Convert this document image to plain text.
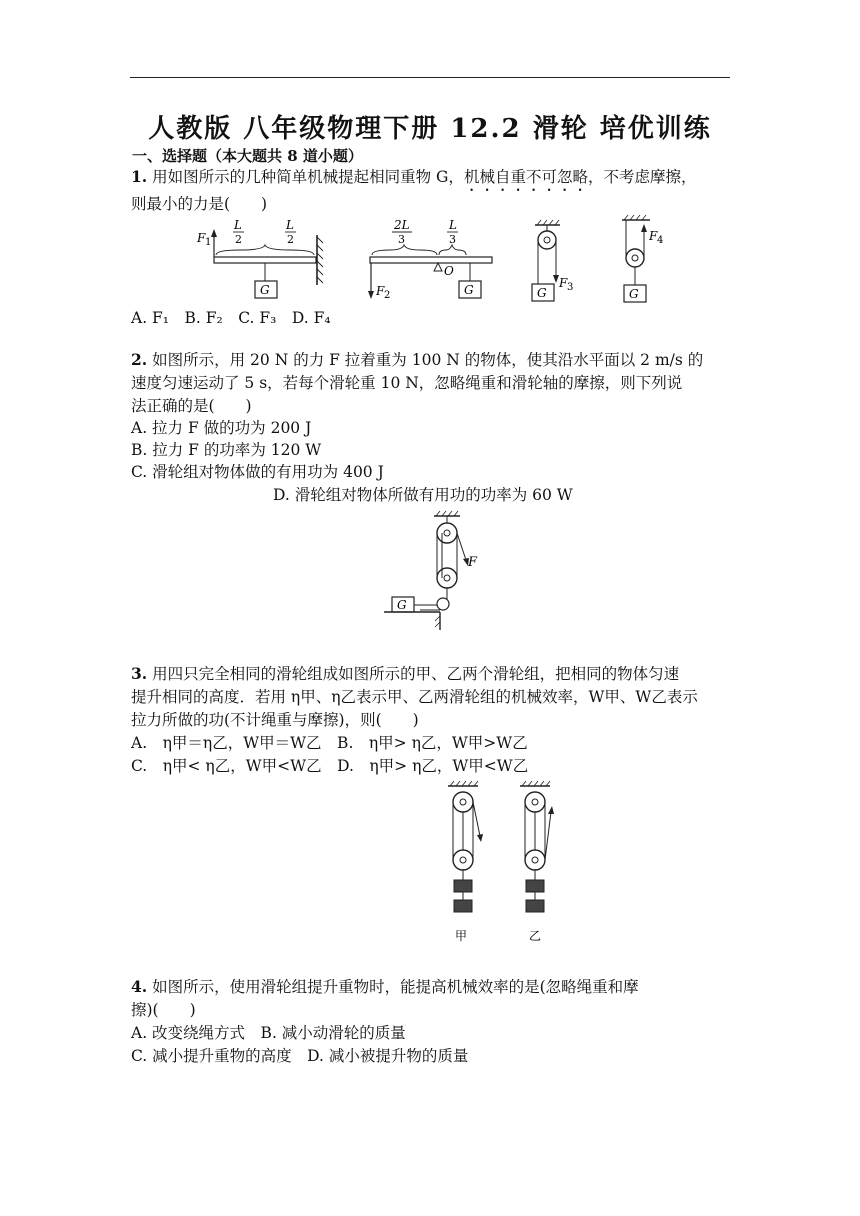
人教版 八年级物理下册 12.2 滑轮 培优训练
一、选择题（本大题共 8 道小题）
1. 用如图所示的几种简单机械提起相同重物 G，机械自重不可忽略，不考虑摩擦，
则最小的力是(　　)
F 1
L
2
L
2
G
O
F 2
2L
3
L
3
G	F 3
G
F 4
G
A. F₁　B. F₂　C. F₃　D. F₄
2. 如图所示，用 20 N 的力 F 拉着重为 100 N 的物体，使其沿水平面以 2 m/s 的
速度匀速运动了 5 s，若每个滑轮重 10 N，忽略绳重和滑轮轴的摩擦，则下列说
法正确的是(　　)
A. 拉力 F 做的功为 200 J
B. 拉力 F 的功率为 120 W
C. 滑轮组对物体做的有用功为 400 J
D. 滑轮组对物体所做有用功的功率为 60 W
F
G
3. 用四只完全相同的滑轮组成如图所示的甲、乙两个滑轮组，把相同的物体匀速
提升相同的高度．若用 η甲、η乙表示甲、乙两滑轮组的机械效率，W甲、W乙表示
拉力所做的功(不计绳重与摩擦)，则(　　)
A.　η甲＝η乙，W甲＝W乙　B.　η甲> η乙，W甲>W乙
C.　η甲< η乙，W甲<W乙　D.　η甲> η乙，W甲<W乙
甲	乙
4. 如图所示，使用滑轮组提升重物时，能提高机械效率的是(忽略绳重和摩
擦)(　　)
A. 改变绕绳方式　B. 减小动滑轮的质量
C. 减小提升重物的高度　D. 减小被提升物的质量
